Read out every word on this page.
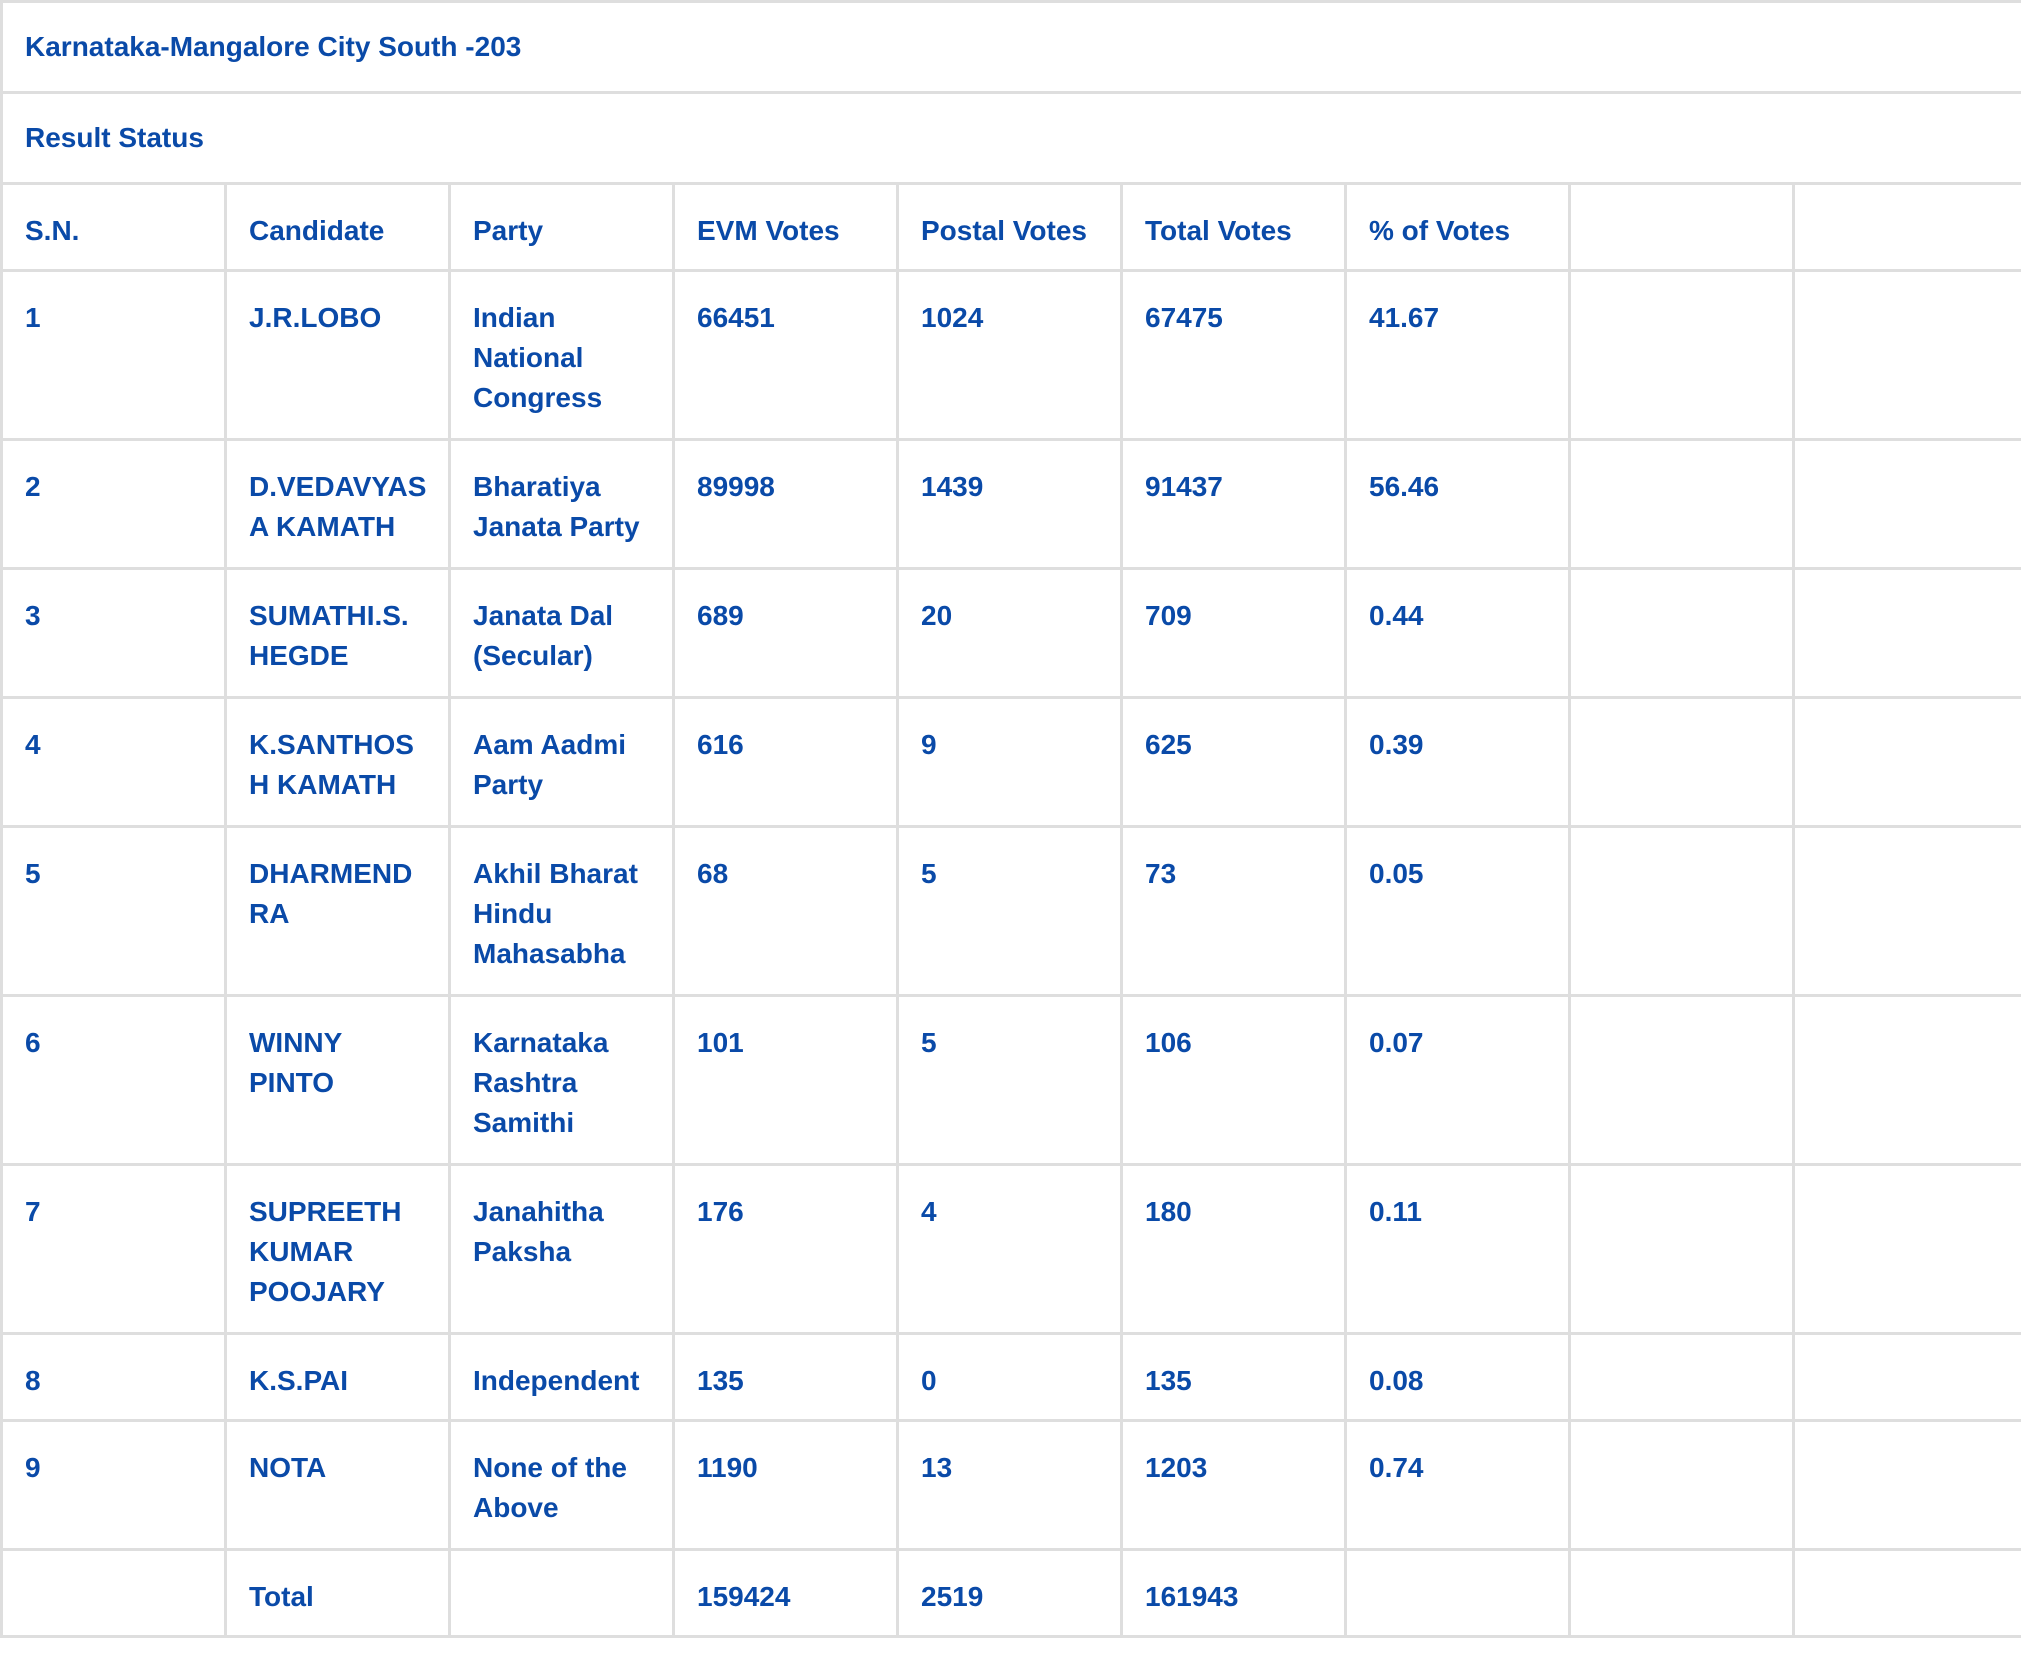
Karnataka-Mangalore City South -203								
Result Status								
S.N.	Candidate	Party	EVM Votes	Postal Votes	Total Votes	% of Votes		
1	J.R.LOBO	Indian National Congress	66451	1024	67475	41.67		
2	D.VEDAVYASA KAMATH	Bharatiya Janata Party	89998	1439	91437	56.46		
3	SUMATHI.S.HEGDE	Janata Dal (Secular)	689	20	709	0.44		
4	K.SANTHOSH KAMATH	Aam Aadmi Party	616	9	625	0.39		
5	DHARMENDRA	Akhil Bharat Hindu Mahasabha	68	5	73	0.05		
6	WINNY PINTO	Karnataka Rashtra Samithi	101	5	106	0.07		
7	SUPREETH KUMAR POOJARY	Janahitha Paksha	176	4	180	0.11		
8	K.S.PAI	Independent	135	0	135	0.08		
9	NOTA	None of the Above	1190	13	1203	0.74		
	Total		159424	2519	161943			
